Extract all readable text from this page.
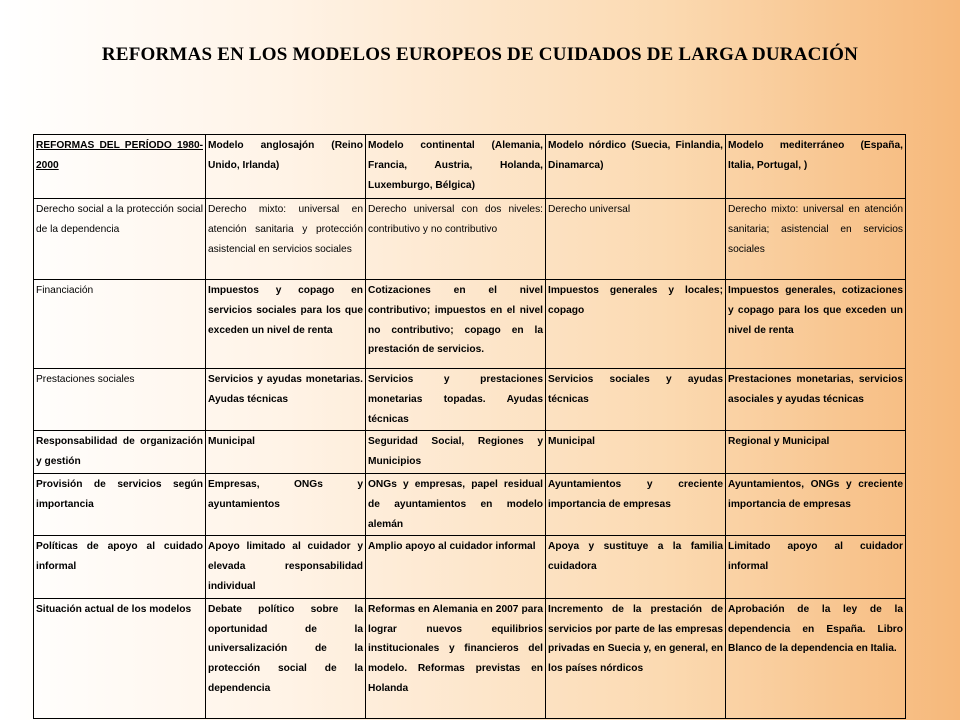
REFORMAS EN LOS MODELOS EUROPEOS DE CUIDADOS DE LARGA DURACIÓN
REFORMAS DEL PERÍODO 1980-2000	Modelo anglosajón (Reino Unido, Irlanda)	Modelo continental (Alemania, Francia, Austria, Holanda, Luxemburgo, Bélgica)	Modelo nórdico (Suecia, Finlandia, Dinamarca)	Modelo mediterráneo (España, Italia, Portugal, )
Derecho social a la protección social de la dependencia	Derecho mixto: universal en atención sanitaria y protección asistencial en servicios sociales	Derecho universal con dos niveles: contributivo y no contributivo	Derecho universal	Derecho mixto: universal en atención sanitaria; asistencial en servicios sociales
Financiación	Impuestos y copago en servicios sociales para los que exceden un nivel de renta	Cotizaciones en el nivel contributivo; impuestos en el nivel no contributivo; copago en la prestación de servicios.	Impuestos generales y locales; copago	Impuestos generales, cotizaciones y copago para los que exceden un nivel de renta
Prestaciones sociales	Servicios y ayudas monetarias. Ayudas técnicas	Servicios y prestaciones monetarias topadas. Ayudas técnicas	Servicios sociales y ayudas técnicas	Prestaciones monetarias, servicios asociales y ayudas técnicas
Responsabilidad de organización y gestión	Municipal	Seguridad Social, Regiones y Municipios	Municipal	Regional y Municipal
Provisión de servicios según importancia	Empresas, ONGs y ayuntamientos	ONGs y empresas, papel residual de ayuntamientos en modelo alemán	Ayuntamientos y creciente importancia de empresas	Ayuntamientos, ONGs y creciente importancia de empresas
Políticas de apoyo al cuidado informal	Apoyo limitado al cuidador y elevada responsabilidad individual	Amplio apoyo al cuidador informal	Apoya y sustituye a la familia cuidadora	Limitado apoyo al cuidador informal
Situación actual de los modelos	Debate político sobre la oportunidad de la universalización de la protección social de la dependencia	Reformas en Alemania en 2007 para lograr nuevos equilibrios institucionales y financieros del modelo. Reformas previstas en Holanda	Incremento de la prestación de servicios por parte de las empresas privadas en Suecia y, en general, en los países nórdicos	Aprobación de la ley de la dependencia en España. Libro Blanco de la dependencia en Italia.
